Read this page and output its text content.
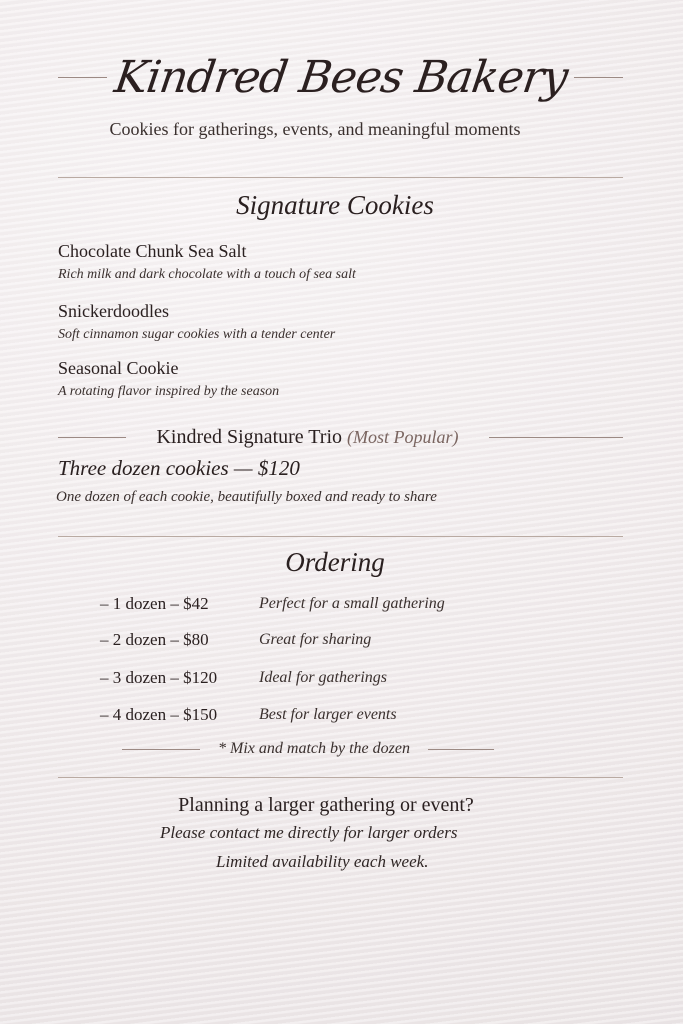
Kindred Bees Bakery
Cookies for gatherings, events, and meaningful moments
Signature Cookies
Chocolate Chunk Sea Salt
Rich milk and dark chocolate with a touch of sea salt
Snickerdoodles
Soft cinnamon sugar cookies with a tender center
Seasonal Cookie
A rotating flavor inspired by the season
Kindred Signature Trio (Most Popular)
Three dozen cookies — $120
One dozen of each cookie, beautifully boxed and ready to share
Ordering
– 1 dozen – $42	Perfect for a small gathering
– 2 dozen – $80	Great for sharing
– 3 dozen – $120	Ideal for gatherings
– 4 dozen – $150	Best for larger events
* Mix and match by the dozen
Planning a larger gathering or event?
Please contact me directly for larger orders
Limited availability each week.
